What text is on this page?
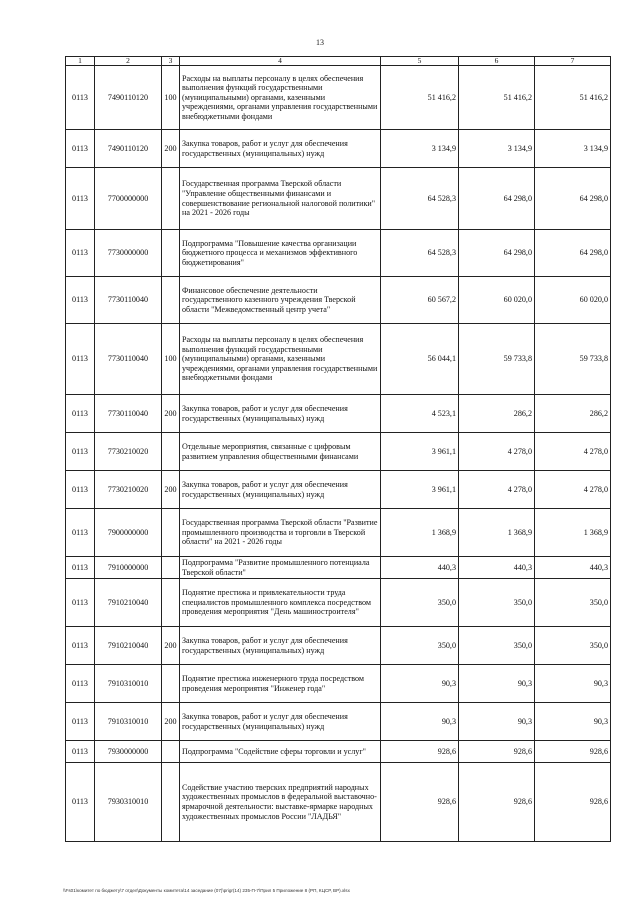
13
1	2	3	4	5	6	7
0113	7490110120	100	Расходы на выплаты персоналу в целях обеспечения выполнения функций государственными (муниципальными) органами, казенными учреждениями, органами управления государственными внебюджетными фондами	51 416,2	51 416,2	51 416,2
0113	7490110120	200	Закупка товаров, работ и услуг для обеспечения государственных (муниципальных) нужд	3 134,9	3 134,9	3 134,9
0113	7700000000		Государственная программа Тверской области "Управление общественными финансами и совершенствование региональной налоговой политики" на 2021 - 2026 годы	64 528,3	64 298,0	64 298,0
0113	7730000000		Подпрограмма "Повышение качества организации бюджетного процесса и механизмов эффективного бюджетирования"	64 528,3	64 298,0	64 298,0
0113	7730110040		Финансовое обеспечение деятельности государственного казенного учреждения Тверской области "Межведомственный центр учета"	60 567,2	60 020,0	60 020,0
0113	7730110040	100	Расходы на выплаты персоналу в целях обеспечения выполнения функций государственными (муниципальными) органами, казенными учреждениями, органами управления государственными внебюджетными фондами	56 044,1	59 733,8	59 733,8
0113	7730110040	200	Закупка товаров, работ и услуг для обеспечения государственных (муниципальных) нужд	4 523,1	286,2	286,2
0113	7730210020		Отдельные мероприятия, связанные с цифровым развитием управления общественными финансами	3 961,1	4 278,0	4 278,0
0113	7730210020	200	Закупка товаров, работ и услуг для обеспечения государственных (муниципальных) нужд	3 961,1	4 278,0	4 278,0
0113	7900000000		Государственная программа Тверской области "Развитие промышленного производства и торговли в Тверской области" на 2021 - 2026 годы	1 368,9	1 368,9	1 368,9
0113	7910000000		Подпрограмма "Развитие промышленного потенциала Тверской области"	440,3	440,3	440,3
0113	7910210040		Поднятие престижа и привлекательности труда специалистов промышленного комплекса посредством проведения мероприятия "День машиностроителя"	350,0	350,0	350,0
0113	7910210040	200	Закупка товаров, работ и услуг для обеспечения государственных (муниципальных) нужд	350,0	350,0	350,0
0113	7910310010		Поднятие престижа инженерного труда посредством проведения мероприятия "Инженер года"	90,3	90,3	90,3
0113	7910310010	200	Закупка товаров, работ и услуг для обеспечения государственных (муниципальных) нужд	90,3	90,3	90,3
0113	7930000000		Подпрограмма "Содействие сферы торговли и услуг"	928,6	928,6	928,6
0113	7930310010		Содействие участию тверских предприятий народных художественных промыслов в федеральной выставочно-ярмарочной деятельности: выставке-ярмарке народных художественных промыслов России "ЛАДЬЯ"	928,6	928,6	928,6
\\Fs01\комитет по бюджету\7 отдел\Документы комитета\14 заседание (07)\prigr(14) 235-П-7\Прил 5 Приложение 8 (РП, КЦСР, ВР).xlsx
